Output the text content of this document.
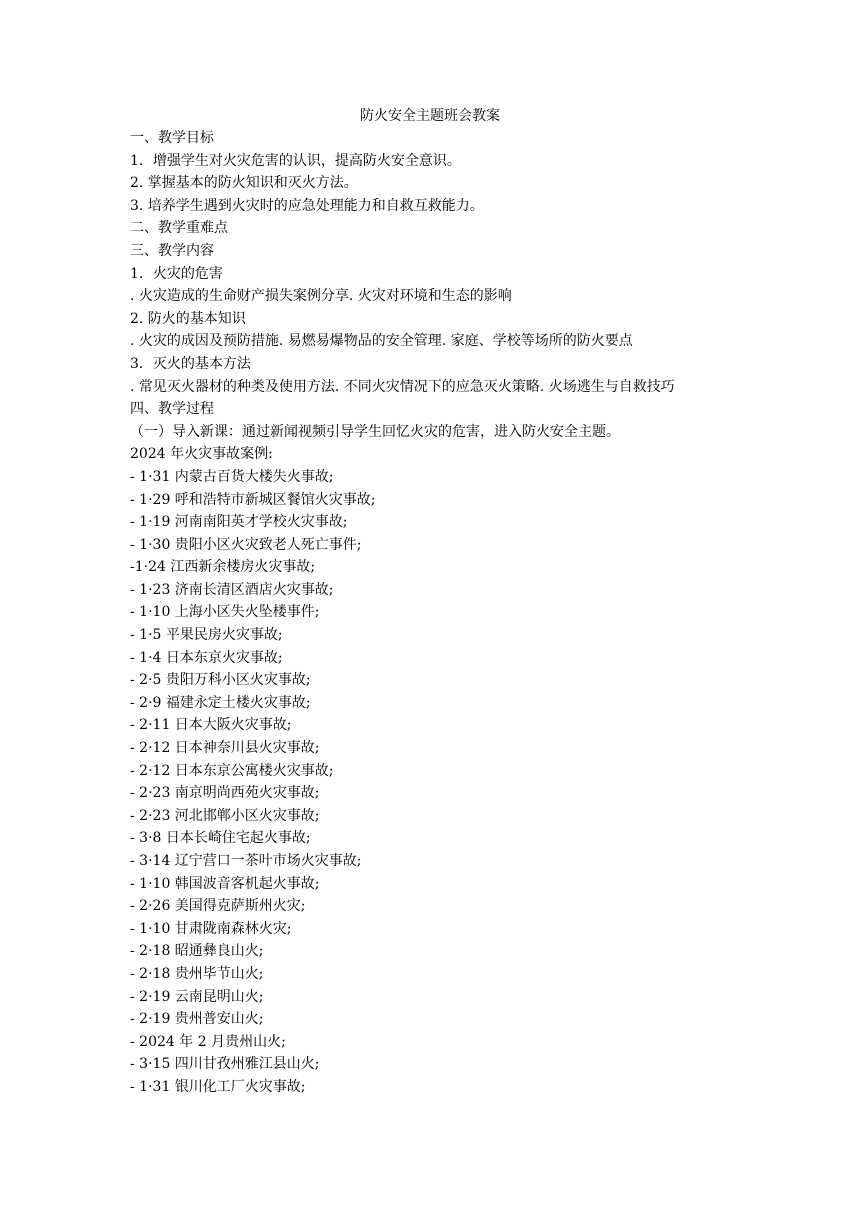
防火安全主题班会教案
一、教学目标
1．增强学生对火灾危害的认识，提高防火安全意识。
2. 掌握基本的防火知识和灭火方法。
3. 培养学生遇到火灾时的应急处理能力和自救互救能力。
二、教学重难点
三、教学内容
1．火灾的危害
. 火灾造成的生命财产损失案例分享. 火灾对环境和生态的影响
2. 防火的基本知识
. 火灾的成因及预防措施. 易燃易爆物品的安全管理. 家庭、学校等场所的防火要点
3．灭火的基本方法
. 常见灭火器材的种类及使用方法. 不同火灾情况下的应急灭火策略. 火场逃生与自救技巧
四、教学过程
（一）导入新课：通过新闻视频引导学生回忆火灾的危害，进入防火安全主题。
2024 年火灾事故案例:
- 1·31 内蒙古百货大楼失火事故;
- 1·29 呼和浩特市新城区餐馆火灾事故;
- 1·19 河南南阳英才学校火灾事故;
- 1·30 贵阳小区火灾致老人死亡事件;
-1·24 江西新余楼房火灾事故;
- 1·23 济南长清区酒店火灾事故;
- 1·10 上海小区失火坠楼事件;
- 1·5 平果民房火灾事故;
- 1·4 日本东京火灾事故;
- 2·5 贵阳万科小区火灾事故;
- 2·9 福建永定土楼火灾事故;
- 2·11 日本大阪火灾事故;
- 2·12 日本神奈川县火灾事故;
- 2·12 日本东京公寓楼火灾事故;
- 2·23 南京明尚西苑火灾事故;
- 2·23 河北邯郸小区火灾事故;
- 3·8 日本长崎住宅起火事故;
- 3·14 辽宁营口一茶叶市场火灾事故;
- 1·10 韩国波音客机起火事故;
- 2·26 美国得克萨斯州火灾;
- 1·10 甘肃陇南森林火灾;
- 2·18 昭通彝良山火;
- 2·18 贵州毕节山火;
- 2·19 云南昆明山火;
- 2·19 贵州普安山火;
- 2024 年 2 月贵州山火;
- 3·15 四川甘孜州雅江县山火;
- 1·31 银川化工厂火灾事故;
